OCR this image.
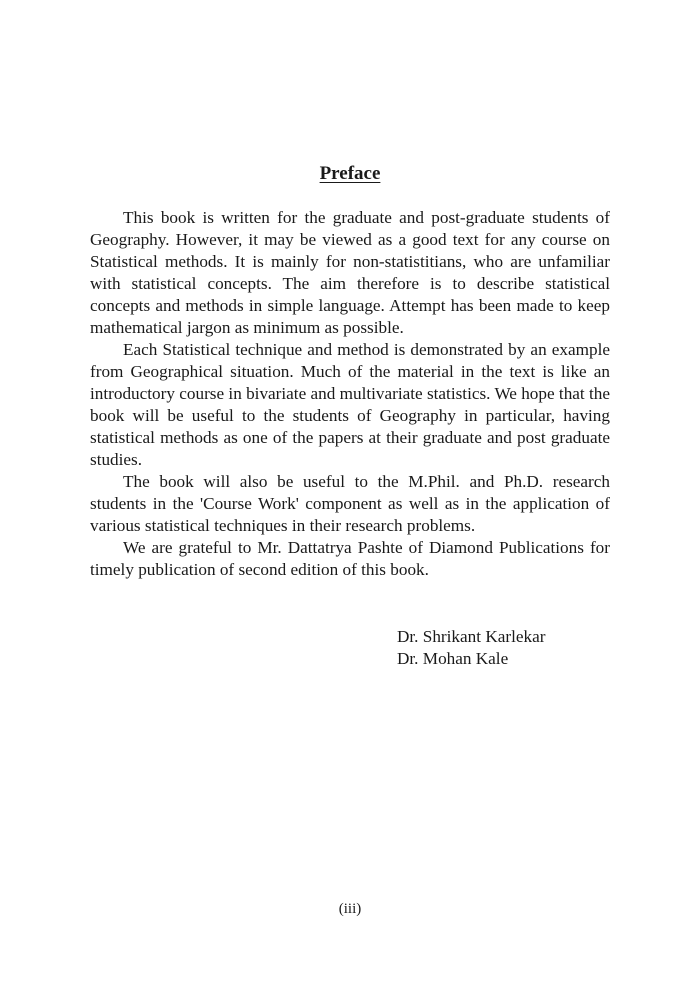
Preface

This book is written for the graduate and post-graduate students of Geography. However, it may be viewed as a good text for any course on Statistical methods. It is mainly for non-statistitians, who are unfamiliar with statistical concepts. The aim therefore is to describe statistical concepts and methods in simple language. Attempt has been made to keep mathematical jargon as minimum as possible.

Each Statistical technique and method is demonstrated by an example from Geographical situation. Much of the material in the text is like an introductory course in bivariate and multivariate statistics. We hope that the book will be useful to the students of Geography in particular, having statistical methods as one of the papers at their graduate and post graduate studies.

The book will also be useful to the M.Phil. and Ph.D. research students in the 'Course Work' component as well as in the application of various statistical techniques in their research problems.

We are grateful to Mr. Dattatrya Pashte of Diamond Publications for timely publication of second edition of this book.

Dr. Shrikant Karlekar
Dr. Mohan Kale
(iii)
